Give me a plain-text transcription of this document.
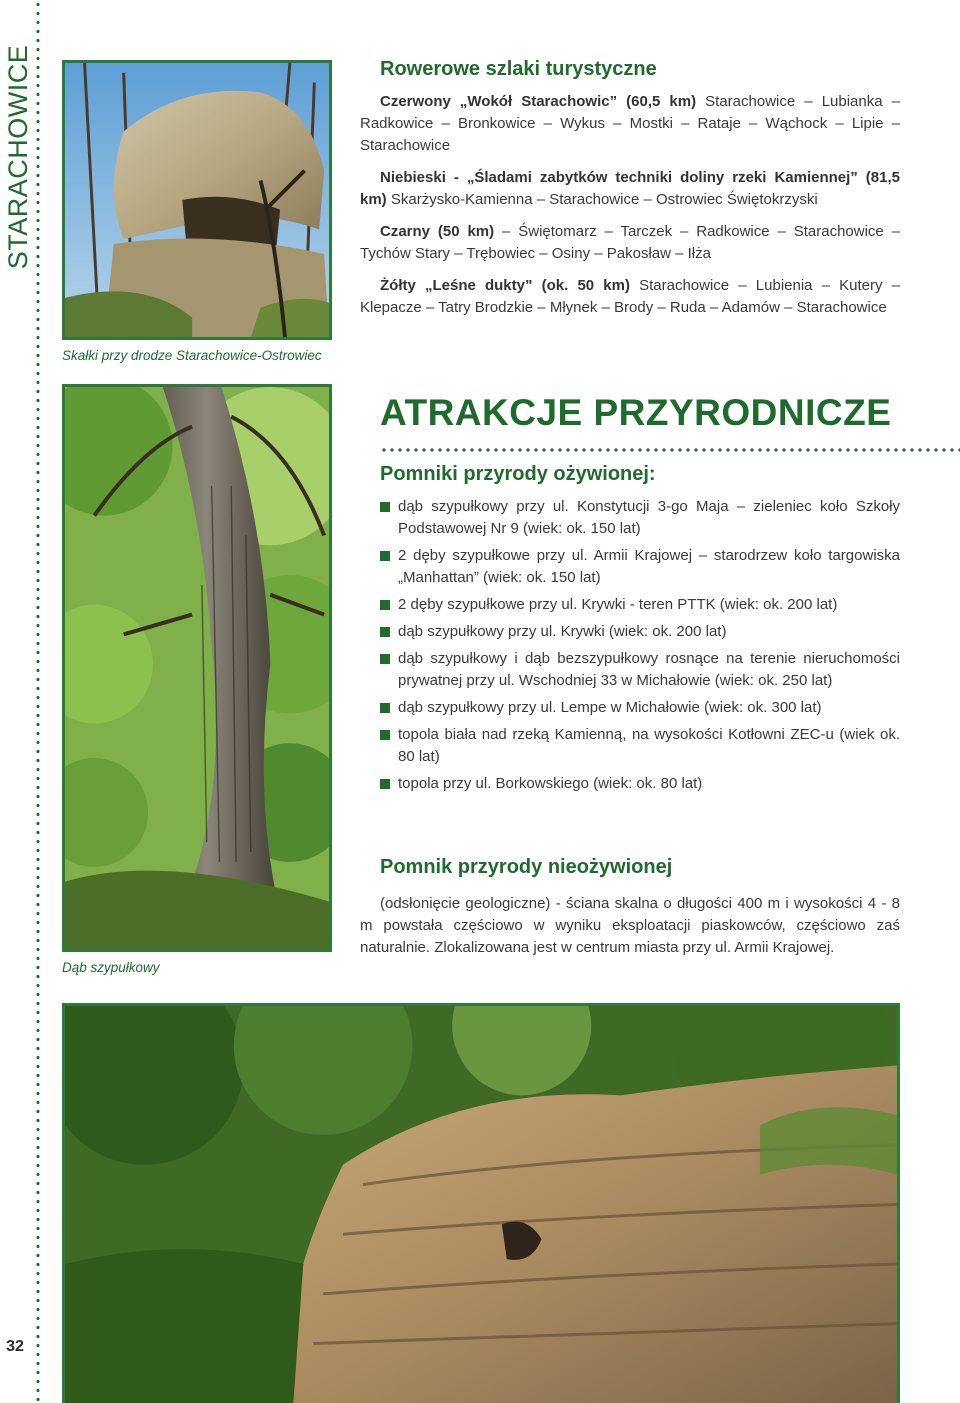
STARACHOWICE
32
Skałki przy drodze Starachowice-Ostrowiec
Dąb szypułkowy
Rowerowe szlaki turystyczne

Czerwony „Wokół Starachowic” (60,5 km) Starachowice – Lubianka – Radkowice – Bronkowice – Wykus – Mostki – Rataje – Wąchock – Lipie – Starachowice

Niebieski - „Śladami zabytków techniki doliny rzeki Kamiennej” (81,5 km) Skarżysko-Kamienna – Starachowice – Ostrowiec Świętokrzyski

Czarny (50 km) – Świętomarz – Tarczek – Radkowice – Starachowice – Tychów Stary – Trębowiec – Osiny – Pakosław – Iłża

Żółty „Leśne dukty” (ok. 50 km) Starachowice – Lubienia – Kutery – Klepacze – Tatry Brodzkie – Młynek – Brody – Ruda – Adamów – Starachowice

ATRAKCJE PRZYRODNICZE
Pomniki przyrody ożywionej:
dąb szypułkowy przy ul. Konstytucji 3-go Maja – zieleniec koło Szkoły Podstawowej Nr 9 (wiek: ok. 150 lat)
2 dęby szypułkowe przy ul. Armii Krajowej – starodrzew koło targowiska „Manhattan” (wiek: ok. 150 lat)
2 dęby szypułkowe przy ul. Krywki - teren PTTK (wiek: ok. 200 lat)
dąb szypułkowy przy ul. Krywki (wiek: ok. 200 lat)
dąb szypułkowy i dąb bezszypułkowy rosnące na terenie nieruchomości prywatnej przy ul. Wschodniej 33 w Michałowie (wiek: ok. 250 lat)
dąb szypułkowy przy ul. Lempe w Michałowie (wiek: ok. 300 lat)
topola biała nad rzeką Kamienną, na wysokości Kotłowni ZEC-u (wiek ok. 80 lat)
topola przy ul. Borkowskiego (wiek: ok. 80 lat)
Pomnik przyrody nieożywionej
(odsłonięcie geologiczne) - ściana skalna o długości 400 m i wysokości 4 - 8 m powstała częściowo w wyniku eksploatacji piaskowców, częściowo zaś naturalnie. Zlokalizowana jest w centrum miasta przy ul. Armii Krajowej.
